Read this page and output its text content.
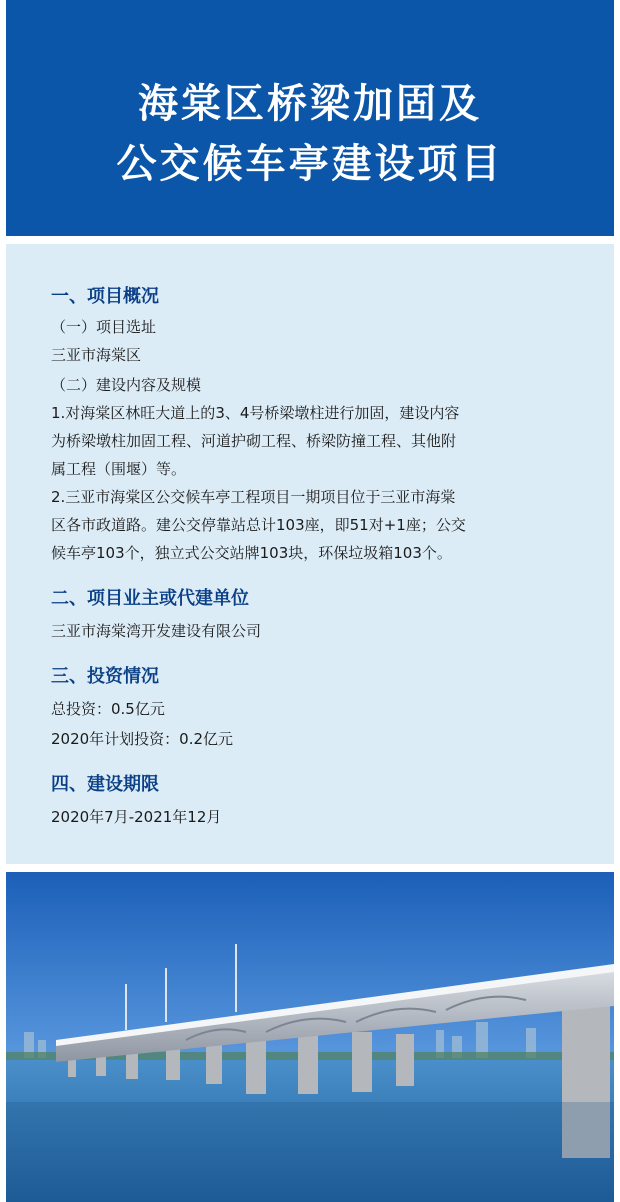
海棠区桥梁加固及
公交候车亭建设项目
一、项目概况
（一）项目选址
三亚市海棠区
（二）建设内容及规模
1.对海棠区林旺大道上的3、4号桥梁墩柱进行加固，建设内容
为桥梁墩柱加固工程、河道护砌工程、桥梁防撞工程、其他附
属工程（围堰）等。
2.三亚市海棠区公交候车亭工程项目一期项目位于三亚市海棠
区各市政道路。建公交停靠站总计103座，即51对+1座；公交
候车亭103个，独立式公交站牌103块，环保垃圾箱103个。
二、项目业主或代建单位
三亚市海棠湾开发建设有限公司
三、投资情况
总投资：0.5亿元
2020年计划投资：0.2亿元
四、建设期限
2020年7月-2021年12月
